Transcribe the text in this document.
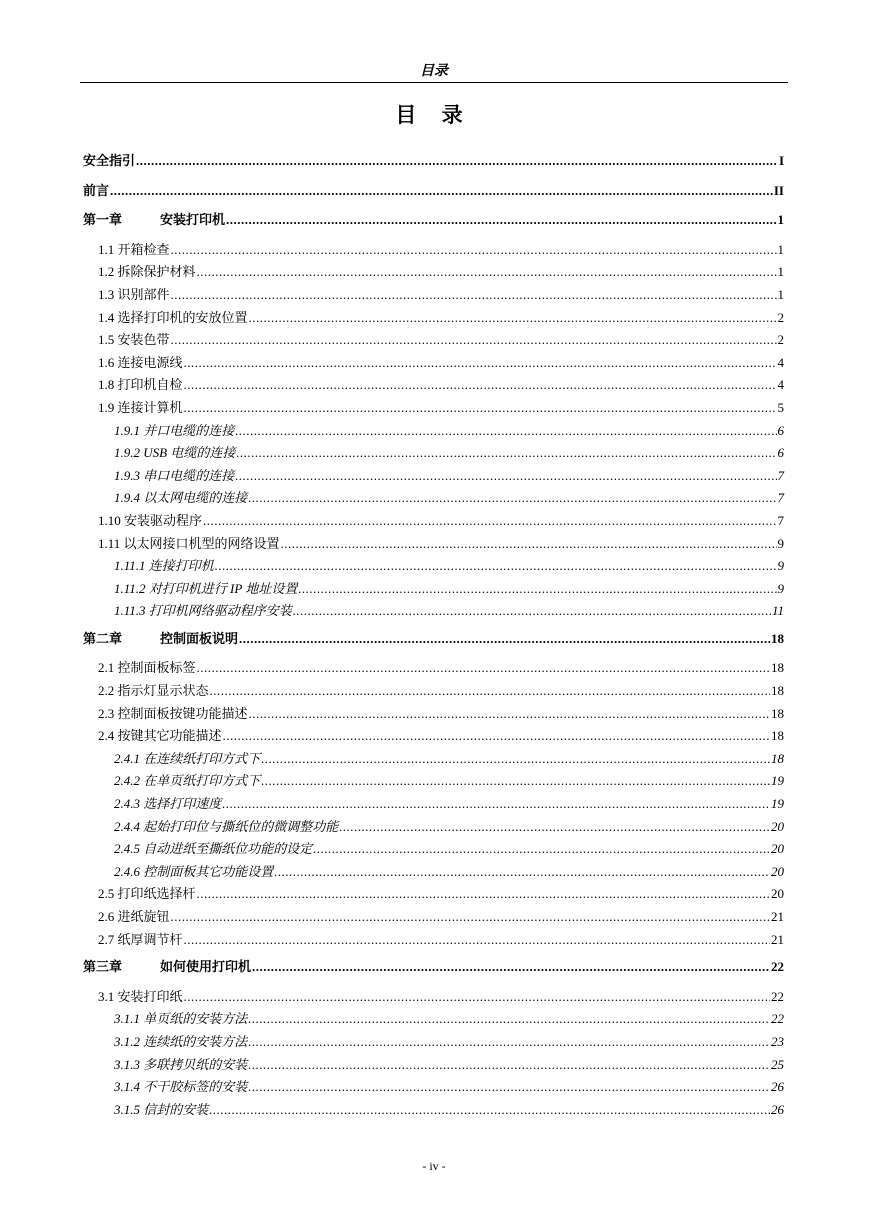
目录
目 录
安全指引 .....	I
前言 .....	II
第一章	安装打印机 .....	1
1.1 开箱检查 .....	1
1.2 拆除保护材料 .....	1
1.3 识别部件 .....	1
1.4 选择打印机的安放位置 .....	2
1.5 安装色带 .....	2
1.6 连接电源线 .....	4
1.8 打印机自检 .....	4
1.9 连接计算机 .....	5
1.9.1 并口电缆的连接 .....	6
1.9.2 USB 电缆的连接 .....	6
1.9.3 串口电缆的连接 .....	7
1.9.4 以太网电缆的连接 .....	7
1.10 安装驱动程序 .....	7
1.11 以太网接口机型的网络设置 .....	9
1.11.1 连接打印机 .....	9
1.11.2 对打印机进行 IP 地址设置 .....	9
1.11.3 打印机网络驱动程序安装 .....	11
第二章	控制面板说明 .....	18
2.1 控制面板标签 .....	18
2.2 指示灯显示状态 .....	18
2.3 控制面板按键功能描述 .....	18
2.4 按键其它功能描述 .....	18
2.4.1 在连续纸打印方式下 .....	18
2.4.2 在单页纸打印方式下 .....	19
2.4.3 选择打印速度 .....	19
2.4.4 起始打印位与撕纸位的微调整功能 .....	20
2.4.5 自动进纸至撕纸位功能的设定 .....	20
2.4.6 控制面板其它功能设置 .....	20
2.5 打印纸选择杆 .....	20
2.6 进纸旋钮 .....	21
2.7 纸厚调节杆 .....	21
第三章	如何使用打印机 .....	22
3.1 安装打印纸 .....	22
3.1.1 单页纸的安装方法 .....	22
3.1.2 连续纸的安装方法 .....	23
3.1.3 多联拷贝纸的安装 .....	25
3.1.4 不干胶标签的安装 .....	26
3.1.5 信封的安装 .....	26
- iv -
